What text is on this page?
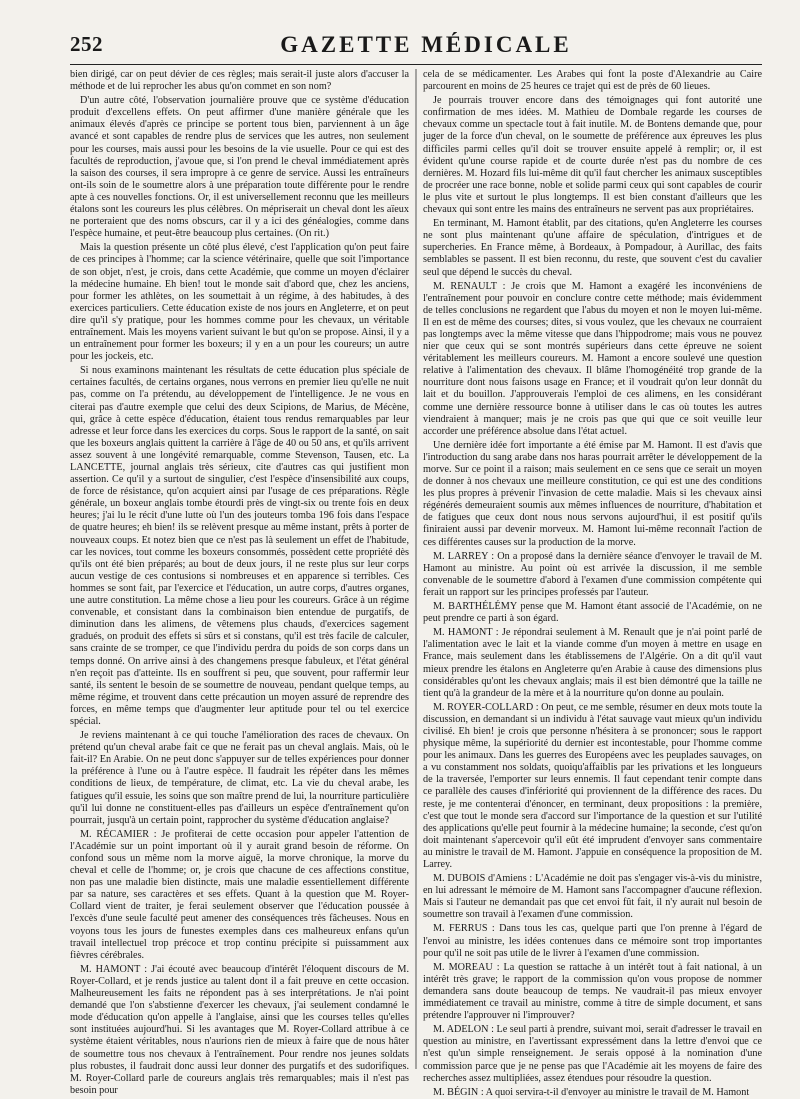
252	GAZETTE MÉDICALE

bien dirigé, car on peut dévier de ces règles; mais serait-il juste alors d'accuser la méthode et de lui reprocher les abus qu'on commet en son nom?

D'un autre côté, l'observation journalière prouve que ce système d'éducation produit d'excellens effets. On peut affirmer d'une manière générale que les animaux élevés d'après ce principe se portent tous bien, parviennent à un âge avancé et sont capables de rendre plus de services que les autres, non seulement pour les courses, mais aussi pour les besoins de la vie usuelle. Pour ce qui est des facultés de reproduction, j'avoue que, si l'on prend le cheval immédiatement après la saison des courses, il sera impropre à ce genre de service. Aussi les entraîneurs ont-ils soin de le soumettre alors à une préparation toute différente pour le rendre apte à ces nouvelles fonctions. Or, il est universellement reconnu que les meilleurs étalons sont les coureurs les plus célèbres. On mépriserait un cheval dont les aïeux ne porteraient que des noms obscurs, car il y a ici des généalogies, comme dans l'espèce humaine, et peut-être beaucoup plus certaines. (On rit.)

Mais la question présente un côté plus élevé, c'est l'application qu'on peut faire de ces principes à l'homme; car la science vétérinaire, quelle que soit l'importance de son objet, n'est, je crois, dans cette Académie, que comme un moyen d'éclairer la médecine humaine. Eh bien! tout le monde sait d'abord que, chez les anciens, pour former les athlètes, on les soumettait à un régime, à des habitudes, à des exercices particuliers. Cette éducation existe de nos jours en Angleterre, et on peut dire qu'il s'y pratique, pour les hommes comme pour les chevaux, un véritable entraînement. Mais les moyens varient suivant le but qu'on se propose. Ainsi, il y a un entraînement pour former les boxeurs; il y en a un pour les coureurs; un autre pour les jockeis, etc.

Si nous examinons maintenant les résultats de cette éducation plus spéciale de certaines facultés, de certains organes, nous verrons en premier lieu qu'elle ne nuit pas, comme on l'a prétendu, au développement de l'intelligence. Je ne vous en citerai pas d'autre exemple que celui des deux Scipions, de Marius, de Mécène, qui, grâce à cette espèce d'éducation, étaient tous rendus remarquables par leur adresse et leur force dans les exercices du corps. Sous le rapport de la santé, on sait que les boxeurs anglais quittent la carrière à l'âge de 40 ou 50 ans, et qu'ils arrivent assez souvent à une longévité remarquable, comme Stevenson, Tausen, etc. La LANCETTE, journal anglais très sérieux, cite d'autres cas qui justifient mon assertion. Ce qu'il y a surtout de singulier, c'est l'espèce d'insensibilité aux coups, de force de résistance, qu'on acquiert ainsi par l'usage de ces préparations. Règle générale, un boxeur anglais tombe étourdi près de vingt-six ou trente fois en deux heures; j'ai lu le récit d'une lutte où l'un des jouteurs tomba 196 fois dans l'espace de quatre heures; eh bien! ils se relèvent presque au même instant, prêts à porter de nouveaux coups. Et notez bien que ce n'est pas là seulement un effet de l'habitude, car les novices, tout comme les boxeurs consommés, possèdent cette propriété dès qu'ils ont été bien préparés; au bout de deux jours, il ne reste plus sur leur corps aucun vestige de ces contusions si nombreuses et en apparence si terribles. Ces hommes se sont fait, par l'exercice et l'éducation, un autre corps, d'autres organes, une autre constitution. La même chose a lieu pour les coureurs. Grâce à un régime convenable, et consistant dans la combinaison bien entendue de purgatifs, de diminution dans les alimens, de vêtemens plus chauds, d'exercices sagement gradués, on produit des effets si sûrs et si constans, qu'il est très facile de calculer, sans crainte de se tromper, ce que l'individu perdra du poids de son corps dans un temps donné. On arrive ainsi à des changemens presque fabuleux, et l'état général n'en reçoit pas d'atteinte. Ils en souffrent si peu, que souvent, pour raffermir leur santé, ils sentent le besoin de se soumettre de nouveau, pendant quelque temps, au même régime, et trouvent dans cette précaution un moyen assuré de reprendre des forces, en même temps que d'augmenter leur aptitude pour tel ou tel exercice spécial.

Je reviens maintenant à ce qui touche l'amélioration des races de chevaux. On prétend qu'un cheval arabe fait ce que ne ferait pas un cheval anglais. Mais, où le fait-il? En Arabie. On ne peut donc s'appuyer sur de telles expériences pour donner la préférence à l'une ou à l'autre espèce. Il faudrait les répéter dans les mêmes conditions de lieux, de température, de climat, etc. La vie du cheval arabe, les fatigues qu'il essuie, les soins que son maître prend de lui, la nourriture particulière qu'il lui donne ne constituent-elles pas d'ailleurs un espèce d'entraînement qu'on pourrait, jusqu'à un certain point, rapprocher du système d'éducation anglaise?

M. RÉCAMIER : Je profiterai de cette occasion pour appeler l'attention de l'Académie sur un point important où il y aurait grand besoin de réforme. On confond sous un même nom la morve aiguë, la morve chronique, la morve du cheval et celle de l'homme; or, je crois que chacune de ces affections constitue, non pas une maladie bien distincte, mais une maladie essentiellement différente par sa nature, ses caractères et ses effets. Quant à la question que M. Royer-Collard vient de traiter, je ferai seulement observer que l'éducation poussée à l'excès d'une seule faculté peut amener des conséquences très fâcheuses. Nous en voyons tous les jours de funestes exemples dans ces malheureux enfans qu'un travail intellectuel trop précoce et trop continu précipite si puissamment aux fièvres cérébrales.

M. HAMONT : J'ai écouté avec beaucoup d'intérêt l'éloquent discours de M. Royer-Collard, et je rends justice au talent dont il a fait preuve en cette occasion. Malheureusement les faits ne répondent pas à ses interprétations. Je n'ai point demandé que l'on s'abstienne d'exercer les chevaux, j'ai seulement condamné le mode d'éducation qu'on appelle à l'anglaise, ainsi que les courses telles qu'elles sont instituées aujourd'hui. Si les avantages que M. Royer-Collard attribue à ce système étaient véritables, nous n'aurions rien de mieux à faire que de nous hâter de soumettre tous nos chevaux à l'entraînement. Pour rendre nos jeunes soldats plus robustes, il faudrait donc aussi leur donner des purgatifs et des sudorifiques. M. Royer-Collard parle de coureurs anglais très remarquables; mais il n'est pas besoin pour

cela de se médicamenter. Les Arabes qui font la poste d'Alexandrie au Caire parcourent en moins de 25 heures ce trajet qui est de près de 60 lieues.

Je pourrais trouver encore dans des témoignages qui font autorité une confirmation de mes idées. M. Mathieu de Dombale regarde les courses de chevaux comme un spectacle tout à fait inutile. M. de Bontens demande que, pour juger de la force d'un cheval, on le soumette de préférence aux épreuves les plus difficiles parmi celles qu'il doit se trouver ensuite appelé à remplir; or, il est évident qu'une course rapide et de courte durée n'est pas du nombre de ces dernières. M. Hozard fils lui-même dit qu'il faut chercher les animaux susceptibles de procréer une race bonne, noble et solide parmi ceux qui sont capables de courir le plus vite et surtout le plus longtemps. Il est bien constant d'ailleurs que les chevaux qui sont entre les mains des entraîneurs ne servent pas aux propriétaires.

En terminant, M. Hamont établit, par des citations, qu'en Angleterre les courses ne sont plus maintenant qu'une affaire de spéculation, d'intrigues et de supercheries. En France même, à Bordeaux, à Pompadour, à Aurillac, des faits semblables se passent. Il est bien reconnu, du reste, que souvent c'est du cavalier seul que dépend le succès du cheval.

M. RENAULT : Je crois que M. Hamont a exagéré les inconvéniens de l'entraînement pour pouvoir en conclure contre cette méthode; mais évidemment de telles conclusions ne regardent que l'abus du moyen et non le moyen lui-même. Il en est de même des courses; dites, si vous voulez, que les chevaux ne courraient pas longtemps avec la même vitesse que dans l'hippodrome; mais vous ne pouvez nier que ceux qui se sont montrés supérieurs dans cette épreuve ne soient véritablement les meilleurs coureurs. M. Hamont a encore soulevé une question relative à l'alimentation des chevaux. Il blâme l'homogénéité trop grande de la nourriture dont nous faisons usage en France; et il voudrait qu'on leur donnât du lait et du bouillon. J'approuverais l'emploi de ces alimens, en les considérant comme une dernière ressource bonne à utiliser dans le cas où toutes les autres viendraient à manquer; mais je ne crois pas que qui que ce soit veuille leur accorder une préférence absolue dans l'état actuel.

Une dernière idée fort importante a été émise par M. Hamont. Il est d'avis que l'introduction du sang arabe dans nos haras pourrait arrêter le développement de la morve. Sur ce point il a raison; mais seulement en ce sens que ce serait un moyen de donner à nos chevaux une meilleure constitution, ce qui est une des conditions les plus propres à prévenir l'invasion de cette maladie. Mais si les chevaux ainsi régénérés demeuraient soumis aux mêmes influences de nourriture, d'habitation et de fatigues que ceux dont nous nous servons aujourd'hui, il est positif qu'ils finiraient aussi par devenir morveux. M. Hamont lui-même reconnaît l'action de ces différentes causes sur la production de la morve.

M. LARREY : On a proposé dans la dernière séance d'envoyer le travail de M. Hamont au ministre. Au point où est arrivée la discussion, il me semble convenable de le soumettre d'abord à l'examen d'une commission compétente qui ferait un rapport sur les principes professés par l'auteur.

M. BARTHÉLÉMY pense que M. Hamont étant associé de l'Académie, on ne peut prendre ce parti à son égard.

M. HAMONT : Je répondrai seulement à M. Renault que je n'ai point parlé de l'alimentation avec le lait et la viande comme d'un moyen à mettre en usage en France, mais seulement dans les établissemens de l'Algérie. On a dit qu'il vaut mieux prendre les étalons en Angleterre qu'en Arabie à cause des dimensions plus considérables qu'ont les chevaux anglais; mais il est bien démontré que la taille ne tient qu'à la grandeur de la mère et à la nourriture qu'on donne au poulain.

M. ROYER-COLLARD : On peut, ce me semble, résumer en deux mots toute la discussion, en demandant si un individu à l'état sauvage vaut mieux qu'un individu civilisé. Eh bien! je crois que personne n'hésitera à se prononcer; sous le rapport physique même, la supériorité du dernier est incontestable, pour l'homme comme pour les animaux. Dans les guerres des Européens avec les peuplades sauvages, on a vu constamment nos soldats, quoiqu'affaiblis par les privations et les longueurs de la traversée, l'emporter sur leurs ennemis. Il faut cependant tenir compte dans ce parallèle des causes d'infériorité qui proviennent de la différence des races. Du reste, je me contenterai d'énoncer, en terminant, deux propositions : la première, c'est que tout le monde sera d'accord sur l'importance de la question et sur l'utilité des applications qu'elle peut fournir à la médecine humaine; la seconde, c'est qu'on doit maintenant s'apercevoir qu'il eût été imprudent d'envoyer sans commentaire au ministre le travail de M. Hamont. J'appuie en conséquence la proposition de M. Larrey.

M. DUBOIS d'Amiens : L'Académie ne doit pas s'engager vis-à-vis du ministre, en lui adressant le mémoire de M. Hamont sans l'accompagner d'aucune réflexion. Mais si l'auteur ne demandait pas que cet envoi fût fait, il n'y aurait nul besoin de soumettre son travail à l'examen d'une commission.

M. FERRUS : Dans tous les cas, quelque parti que l'on prenne à l'égard de l'envoi au ministre, les idées contenues dans ce mémoire sont trop importantes pour qu'il ne soit pas utile de le livrer à l'examen d'une commission.

M. MOREAU : La question se rattache à un intérêt tout à fait national, à un intérêt très grave; le rapport de la commission qu'on vous propose de nommer demandera sans doute beaucoup de temps. Ne vaudrait-il pas mieux envoyer immédiatement ce travail au ministre, comme à titre de simple document, et sans prétendre l'approuver ni l'improuver?

M. ADELON : Le seul parti à prendre, suivant moi, serait d'adresser le travail en question au ministre, en l'avertissant expressément dans la lettre d'envoi que ce n'est qu'un simple renseignement. Je serais opposé à la nomination d'une commission parce que je ne pense pas que l'Académie ait les moyens de faire des recherches assez multipliées, assez étendues pour résoudre la question.

M. BÉGIN : A quoi servira-t-il d'envoyer au ministre le travail de M. Hamont
